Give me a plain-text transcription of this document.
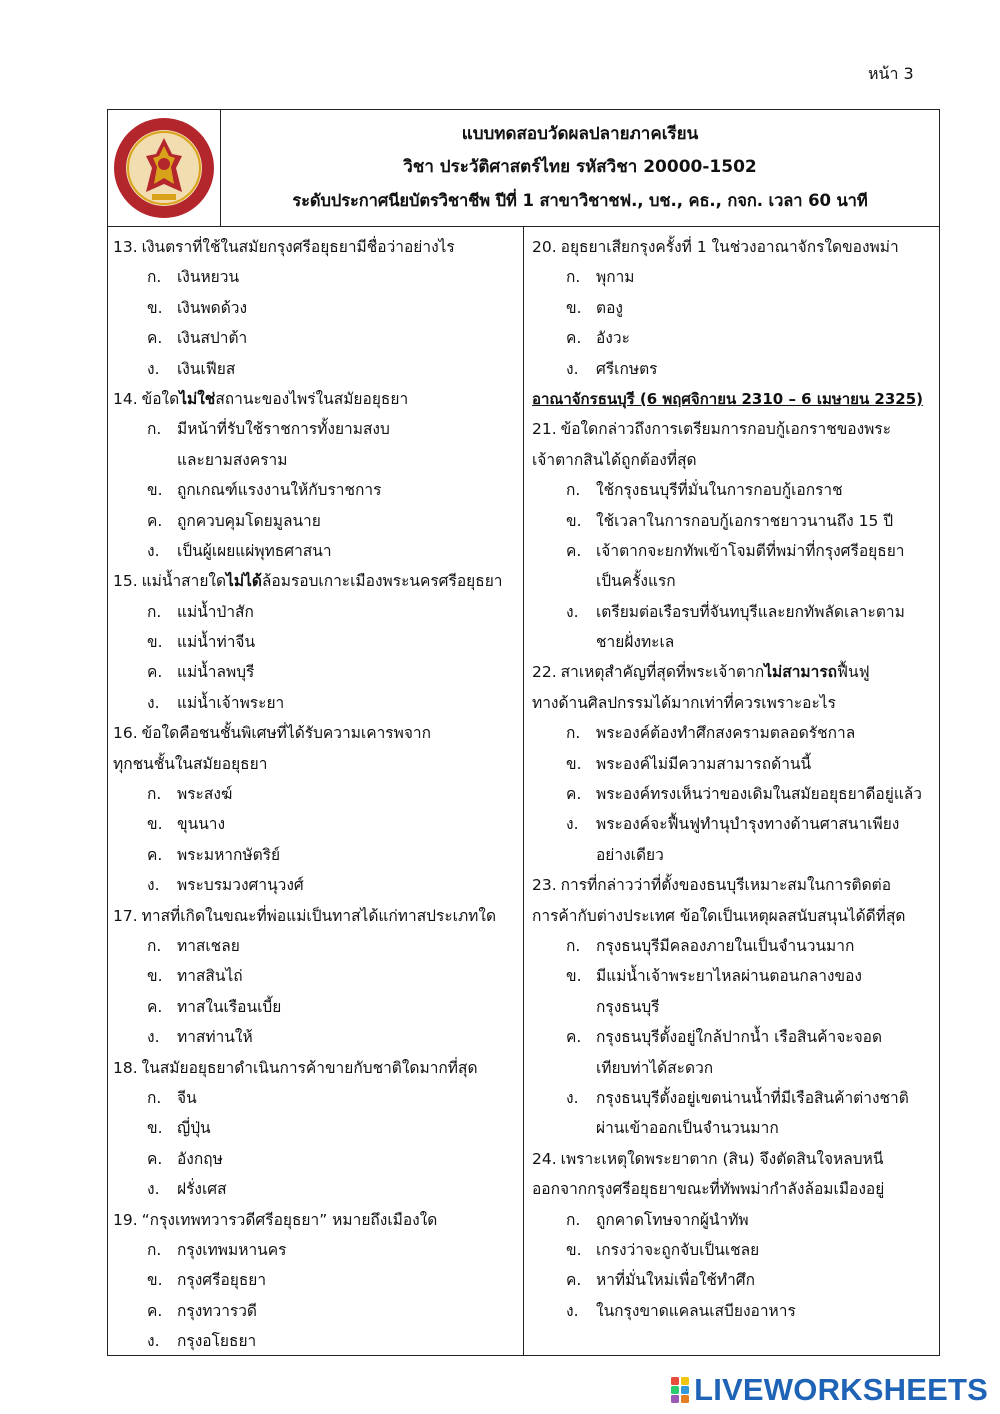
หน้า 3
แบบทดสอบวัดผลปลายภาคเรียน
วิชา ประวัติศาสตร์ไทย รหัสวิชา 20000-1502
ระดับประกาศนียบัตรวิชาชีพ ปีที่ 1 สาขาวิชาชฟ., บช., คธ., กจก. เวลา 60 นาที
13. เงินตราที่ใช้ในสมัยกรุงศรีอยุธยามีชื่อว่าอย่างไร
ก. เงินหยวน
ข. เงินพดด้วง
ค. เงินสปาต้า
ง. เงินเฟียส
14. ข้อใดไม่ใช่สถานะของไพร่ในสมัยอยุธยา
ก. มีหน้าที่รับใช้ราชการทั้งยามสงบ
และยามสงคราม
ข. ถูกเกณฑ์แรงงานให้กับราชการ
ค. ถูกควบคุมโดยมูลนาย
ง. เป็นผู้เผยแผ่พุทธศาสนา
15. แม่น้ำสายใดไม่ได้ล้อมรอบเกาะเมืองพระนครศรีอยุธยา
ก. แม่น้ำป่าสัก
ข. แม่น้ำท่าจีน
ค. แม่น้ำลพบุรี
ง. แม่น้ำเจ้าพระยา
16. ข้อใดคือชนชั้นพิเศษที่ได้รับความเคารพจาก
ทุกชนชั้นในสมัยอยุธยา
ก. พระสงฆ์
ข. ขุนนาง
ค. พระมหากษัตริย์
ง. พระบรมวงศานุวงศ์
17. ทาสที่เกิดในขณะที่พ่อแม่เป็นทาสได้แก่ทาสประเภทใด
ก. ทาสเชลย
ข. ทาสสินไถ่
ค. ทาสในเรือนเบี้ย
ง. ทาสท่านให้
18. ในสมัยอยุธยาดำเนินการค้าขายกับชาติใดมากที่สุด
ก. จีน
ข. ญี่ปุ่น
ค. อังกฤษ
ง. ฝรั่งเศส
19. “กรุงเทพทวารวดีศรีอยุธยา” หมายถึงเมืองใด
ก. กรุงเทพมหานคร
ข. กรุงศรีอยุธยา
ค. กรุงทวารวดี
ง. กรุงอโยธยา
20. อยุธยาเสียกรุงครั้งที่ 1 ในช่วงอาณาจักรใดของพม่า
ก. พุกาม
ข. ตองู
ค. อังวะ
ง. ศรีเกษตร
อาณาจักรธนบุรี (6 พฤศจิกายน 2310 – 6 เมษายน 2325)
21. ข้อใดกล่าวถึงการเตรียมการกอบกู้เอกราชของพระ
เจ้าตากสินได้ถูกต้องที่สุด
ก. ใช้กรุงธนบุรีที่มั่นในการกอบกู้เอกราช
ข. ใช้เวลาในการกอบกู้เอกราชยาวนานถึง 15 ปี
ค. เจ้าตากจะยกทัพเข้าโจมตีที่พม่าที่กรุงศรีอยุธยา
เป็นครั้งแรก
ง. เตรียมต่อเรือรบที่จันทบุรีและยกทัพลัดเลาะตาม
ชายฝั่งทะเล
22. สาเหตุสำคัญที่สุดที่พระเจ้าตากไม่สามารถฟื้นฟู
ทางด้านศิลปกรรมได้มากเท่าที่ควรเพราะอะไร
ก. พระองค์ต้องทำศึกสงครามตลอดรัชกาล
ข. พระองค์ไม่มีความสามารถด้านนี้
ค. พระองค์ทรงเห็นว่าของเดิมในสมัยอยุธยาดีอยู่แล้ว
ง. พระองค์จะฟื้นฟูทำนุบำรุงทางด้านศาสนาเพียง
อย่างเดียว
23. การที่กล่าวว่าที่ตั้งของธนบุรีเหมาะสมในการติดต่อ
การค้ากับต่างประเทศ ข้อใดเป็นเหตุผลสนับสนุนได้ดีที่สุด
ก. กรุงธนบุรีมีคลองภายในเป็นจำนวนมาก
ข. มีแม่น้ำเจ้าพระยาไหลผ่านตอนกลางของ
กรุงธนบุรี
ค. กรุงธนบุรีตั้งอยู่ใกล้ปากน้ำ เรือสินค้าจะจอด
เทียบท่าได้สะดวก
ง. กรุงธนบุรีตั้งอยู่เขตน่านน้ำที่มีเรือสินค้าต่างชาติ
ผ่านเข้าออกเป็นจำนวนมาก
24. เพราะเหตุใดพระยาตาก (สิน) จึงตัดสินใจหลบหนี
ออกจากกรุงศรีอยุธยาขณะที่ทัพพม่ากำลังล้อมเมืองอยู่
ก. ถูกคาดโทษจากผู้นำทัพ
ข. เกรงว่าจะถูกจับเป็นเชลย
ค. หาที่มั่นใหม่เพื่อใช้ทำศึก
ง. ในกรุงขาดแคลนเสบียงอาหาร
LIVEWORKSHEETS
